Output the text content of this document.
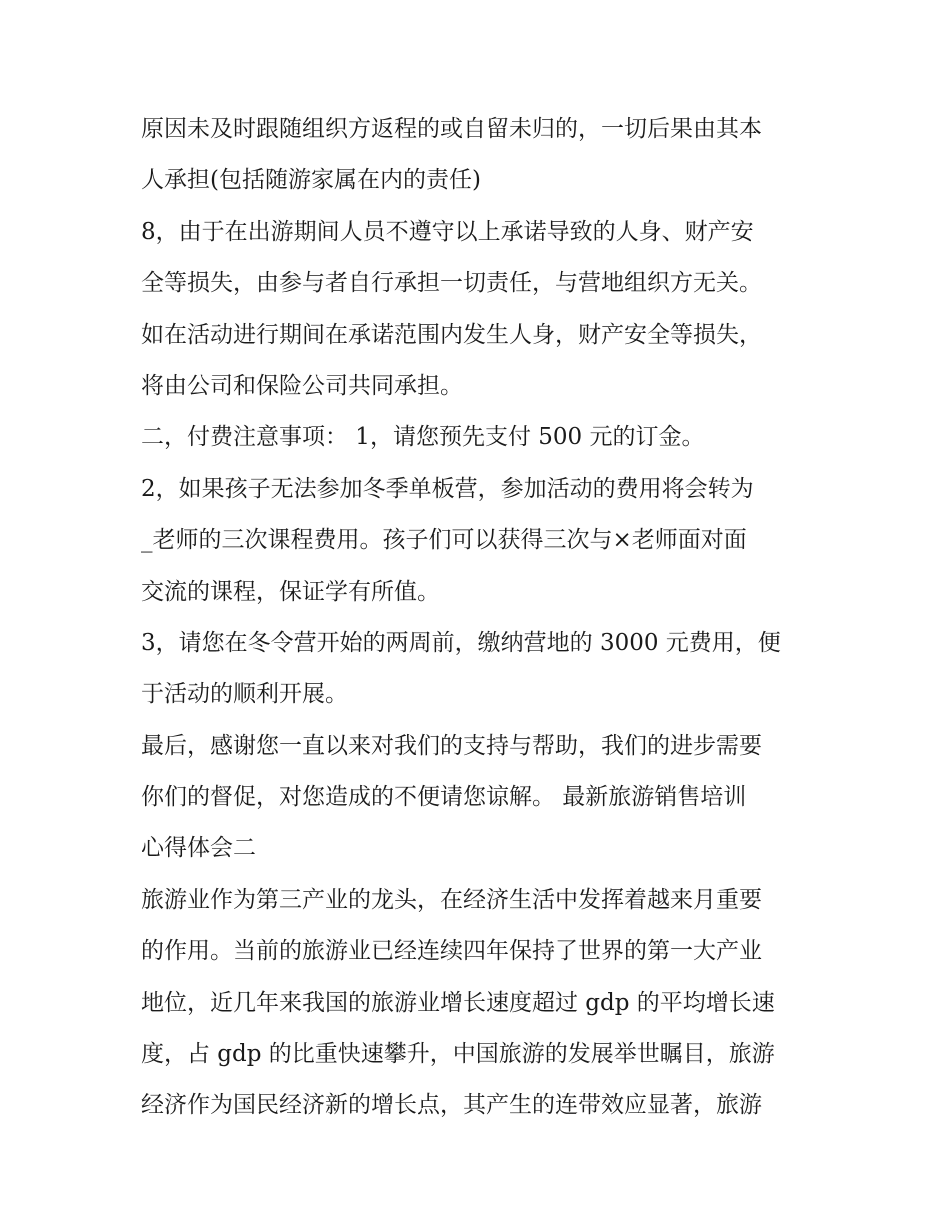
原因未及时跟随组织方返程的或自留未归的，一切后果由其本

人承担(包括随游家属在内的责任)

8，由于在出游期间人员不遵守以上承诺导致的人身、财产安

全等损失，由参与者自行承担一切责任，与营地组织方无关。

如在活动进行期间在承诺范围内发生人身，财产安全等损失，

将由公司和保险公司共同承担。

二，付费注意事项： 1，请您预先支付 500 元的订金。

2，如果孩子无法参加冬季单板营，参加活动的费用将会转为

_老师的三次课程费用。孩子们可以获得三次与×老师面对面

交流的课程，保证学有所值。

3，请您在冬令营开始的两周前，缴纳营地的 3000 元费用，便

于活动的顺利开展。

最后，感谢您一直以来对我们的支持与帮助，我们的进步需要

你们的督促，对您造成的不便请您谅解。 最新旅游销售培训

心得体会二

旅游业作为第三产业的龙头，在经济生活中发挥着越来月重要

的作用。当前的旅游业已经连续四年保持了世界的第一大产业

地位，近几年来我国的旅游业增长速度超过 gdp 的平均增长速

度，占 gdp 的比重快速攀升，中国旅游的发展举世瞩目，旅游

经济作为国民经济新的增长点，其产生的连带效应显著，旅游
